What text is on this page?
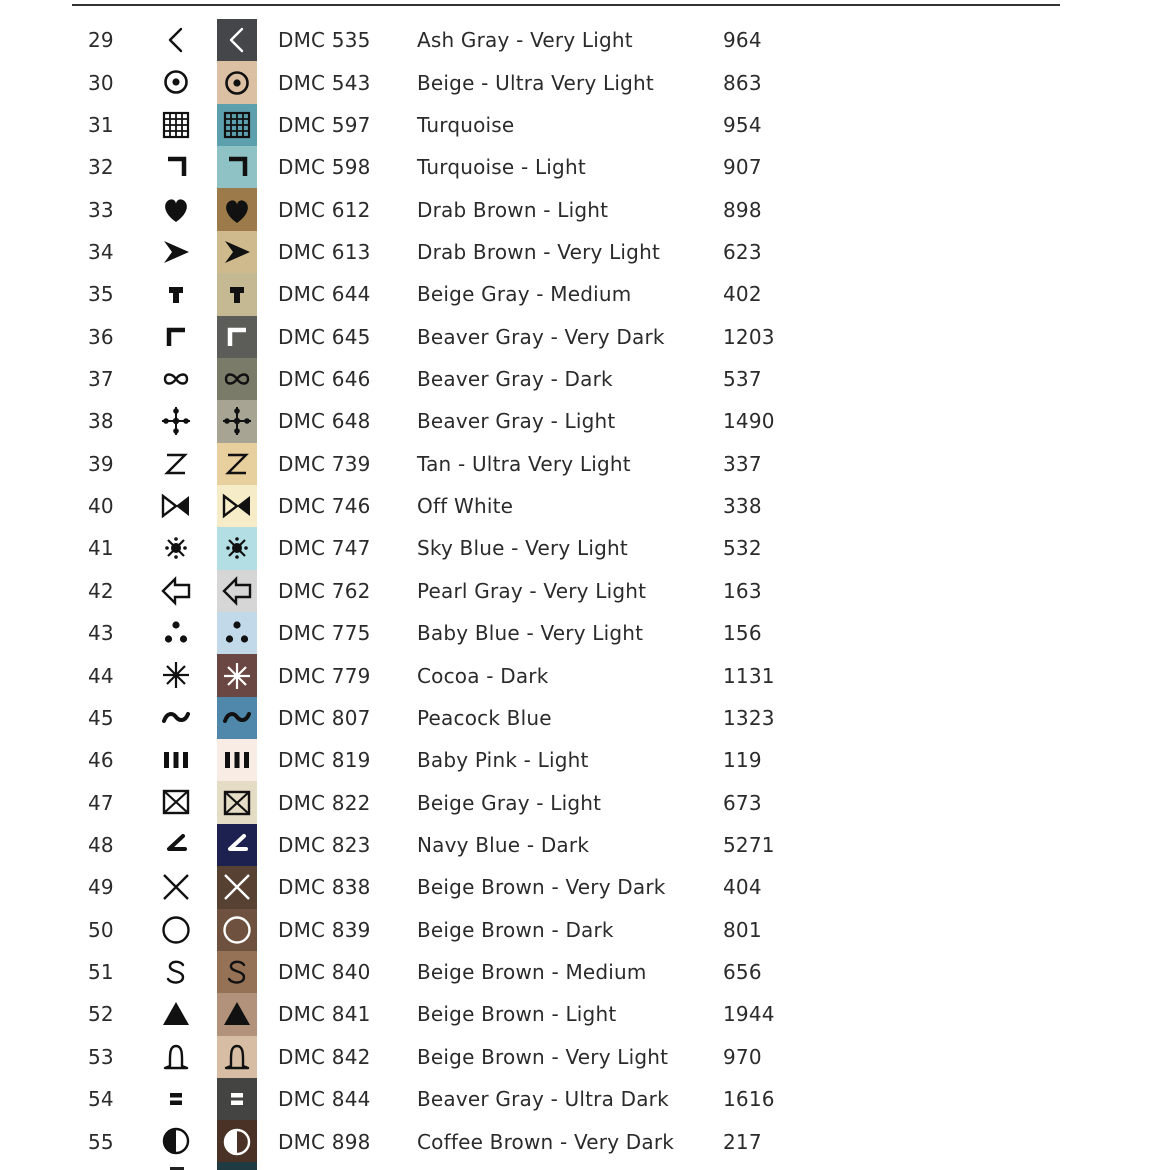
29	DMC 535 Ash Gray - Very Light	964
30	DMC 543 Beige - Ultra Very Light	863
31	DMC 597 Turquoise	954
32	DMC 598 Turquoise - Light	907
33	DMC 612 Drab Brown - Light	898
34	DMC 613 Drab Brown - Very Light	623
35	DMC 644 Beige Gray - Medium	402
36	DMC 645 Beaver Gray - Very Dark	1203
37	DMC 646 Beaver Gray - Dark	537
38	DMC 648 Beaver Gray - Light	1490
39	DMC 739 Tan - Ultra Very Light	337
40	DMC 746 Off White	338
41	DMC 747 Sky Blue - Very Light	532
42	DMC 762 Pearl Gray - Very Light	163
43	DMC 775 Baby Blue - Very Light	156
44	DMC 779 Cocoa - Dark	1131
45	DMC 807 Peacock Blue	1323
46	DMC 819 Baby Pink - Light	119
47	DMC 822 Beige Gray - Light	673
48	DMC 823 Navy Blue - Dark	5271
49	DMC 838 Beige Brown - Very Dark	404
50	DMC 839 Beige Brown - Dark	801
51	DMC 840 Beige Brown - Medium	656
52	DMC 841 Beige Brown - Light	1944
53	DMC 842 Beige Brown - Very Light	970
54	DMC 844 Beaver Gray - Ultra Dark	1616
55	DMC 898 Coffee Brown - Very Dark 217
